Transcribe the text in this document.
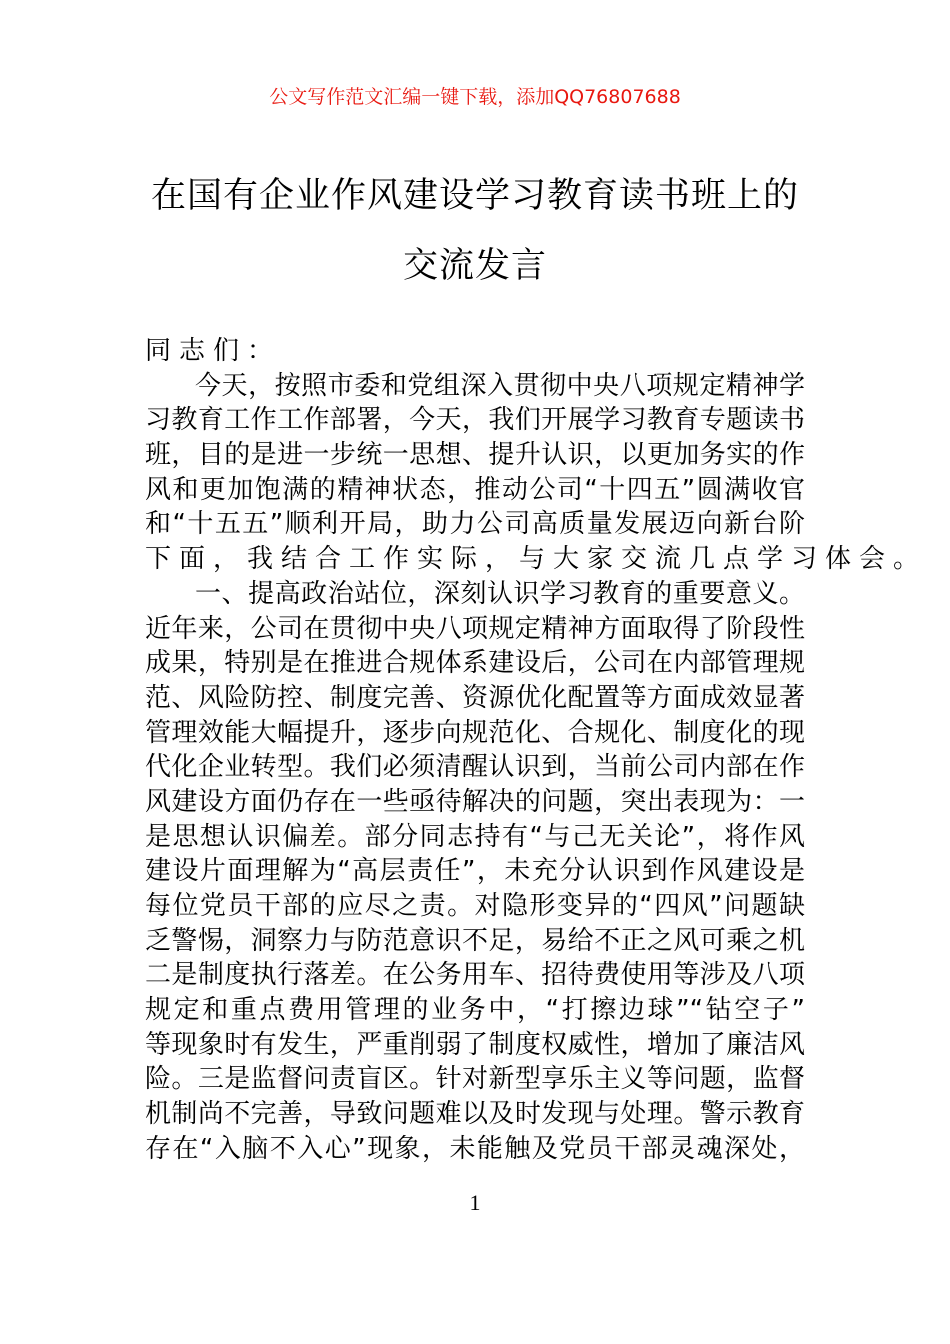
公文写作范文汇编一键下载，添加QQ76807688
在国有企业作风建设学习教育读书班上的
交流发言
同志们：
今天，按照市委和党组深入贯彻中央八项规定精神学
习教育工作工作部署，今天，我们开展学习教育专题读书
班，目的是进一步统一思想、提升认识，以更加务实的作
风和更加饱满的精神状态，推动公司“十四五”圆满收官
和“十五五”顺利开局，助力公司高质量发展迈向新台阶
下面，我结合工作实际，与大家交流几点学习体会。
一、提高政治站位，深刻认识学习教育的重要意义。
近年来，公司在贯彻中央八项规定精神方面取得了阶段性
成果，特别是在推进合规体系建设后，公司在内部管理规
范、风险防控、制度完善、资源优化配置等方面成效显著
管理效能大幅提升，逐步向规范化、合规化、制度化的现
代化企业转型。我们必须清醒认识到，当前公司内部在作
风建设方面仍存在一些亟待解决的问题，突出表现为：一
是思想认识偏差。部分同志持有“与己无关论”，将作风
建设片面理解为“高层责任”，未充分认识到作风建设是
每位党员干部的应尽之责。对隐形变异的“四风”问题缺
乏警惕，洞察力与防范意识不足，易给不正之风可乘之机
二是制度执行落差。在公务用车、招待费使用等涉及八项
规定和重点费用管理的业务中，“打擦边球”“钻空子”
等现象时有发生，严重削弱了制度权威性，增加了廉洁风
险。三是监督问责盲区。针对新型享乐主义等问题，监督
机制尚不完善，导致问题难以及时发现与处理。警示教育
存在“入脑不入心”现象，未能触及党员干部灵魂深处，
1
